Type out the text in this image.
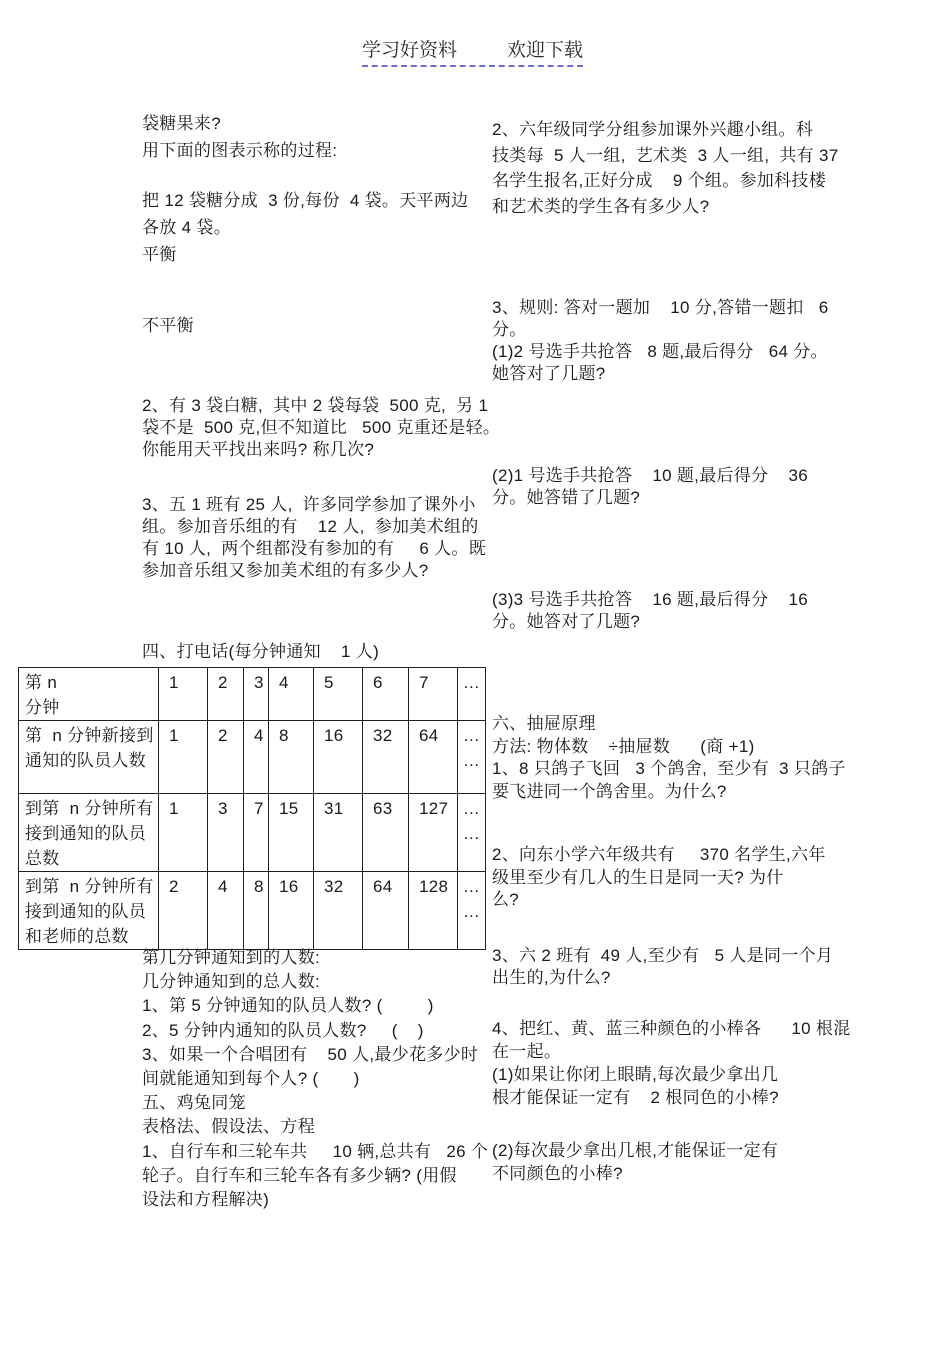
学习好资料	欢迎下载
袋糖果来?
用下面的图表示称的过程:
把 12 袋糖分成  3 份,每份  4 袋。天平两边
各放 4 袋。
平衡
不平衡
2、有 3 袋白糖,  其中 2 袋每袋  500 克,  另 1
袋不是  500 克,但不知道比   500 克重还是轻。
你能用天平找出来吗? 称几次?
3、五 1 班有 25 人,  许多同学参加了课外小
组。参加音乐组的有    12 人,  参加美术组的
有 10 人,  两个组都没有参加的有     6 人。既
参加音乐组又参加美术组的有多少人?
四、打电话(每分钟通知    1 人)
第 n
分钟	1	2	3	4	5	6	7	…

第  n 分钟新接到
通知的队员人数
	1	2	4	8	16	32	64	…
…

到第  n 分钟所有
接到通知的队员
总数
	1	3	7	15	31	63	127	…
…

到第  n 分钟所有
接到通知的队员
和老师的总数
	2	4	8	16	32	64	128	…
…
第几分钟通知到的人数:
几分钟通知到的总人数:
1、第 5 分钟通知的队员人数? (         )
2、5 分钟内通知的队员人数?     (    )
3、如果一个合唱团有    50 人,最少花多少时
间就能通知到每个人? (       )
五、鸡兔同笼
表格法、假设法、方程
1、自行车和三轮车共     10 辆,总共有   26 个
轮子。自行车和三轮车各有多少辆? (用假
设法和方程解决)
2、六年级同学分组参加课外兴趣小组。科
技类每  5 人一组,  艺术类  3 人一组,  共有 37
名学生报名,正好分成    9 个组。参加科技楼
和艺术类的学生各有多少人?
3、规则: 答对一题加    10 分,答错一题扣   6
分。
(1)2 号选手共抢答   8 题,最后得分   64 分。
她答对了几题?
(2)1 号选手共抢答    10 题,最后得分    36
分。她答错了几题?
(3)3 号选手共抢答    16 题,最后得分    16
分。她答对了几题?
六、抽屉原理
方法: 物体数    ÷抽屉数      (商 +1)
1、8 只鸽子飞回   3 个鸽舍,  至少有  3 只鸽子
要飞进同一个鸽舍里。为什么?
2、向东小学六年级共有     370 名学生,六年
级里至少有几人的生日是同一天? 为什
么?
3、六 2 班有  49 人,至少有   5 人是同一个月
出生的,为什么?
4、把红、黄、蓝三种颜色的小棒各      10 根混
在一起。
(1)如果让你闭上眼睛,每次最少拿出几
根才能保证一定有    2 根同色的小棒?
(2)每次最少拿出几根,才能保证一定有
不同颜色的小棒?
